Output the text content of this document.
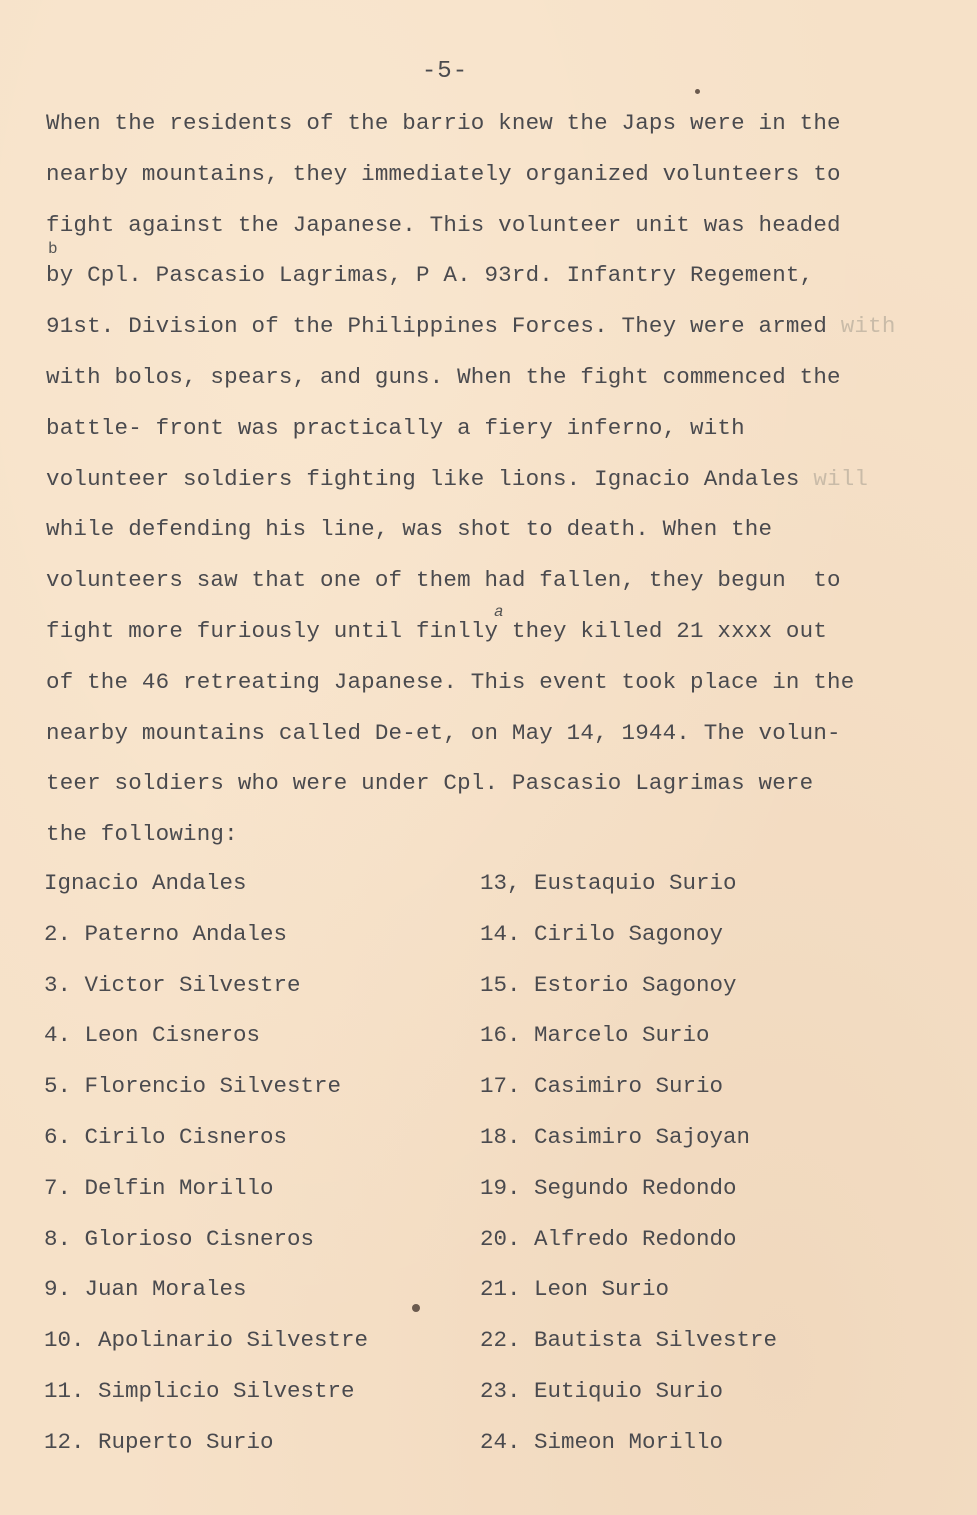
-5-
When the residents of the barrio knew the Japs were in the
nearby mountains, they immediately organized volunteers to
fight against the Japanese. This volunteer unit was headed
by Cpl. Pascasio Lagrimas, P A. 93rd. Infantry Regement,
91st. Division of the Philippines Forces. They were armed with
with bolos, spears, and guns. When the fight commenced the
battle- front was practically a fiery inferno, with
volunteer soldiers fighting like lions. Ignacio Andales will
while defending his line, was shot to death. When the
volunteers saw that one of them had fallen, they begun  to
fight more furiously until finlly they killed 21 xxxx out
of the 46 retreating Japanese. This event took place in the
nearby mountains called De-et, on May 14, 1944. The volun-
teer soldiers who were under Cpl. Pascasio Lagrimas were
the following:
b
a
Ignacio Andales	13, Eustaquio Surio
2. Paterno Andales	14. Cirilo Sagonoy
3. Victor Silvestre	15. Estorio Sagonoy
4. Leon Cisneros	16. Marcelo Surio
5. Florencio Silvestre	17. Casimiro Surio
6. Cirilo Cisneros	18. Casimiro Sajoyan
7. Delfin Morillo	19. Segundo Redondo
8. Glorioso Cisneros	20. Alfredo Redondo
9. Juan Morales	21. Leon Surio
10. Apolinario Silvestre	22. Bautista Silvestre
11. Simplicio Silvestre	23. Eutiquio Surio
12. Ruperto Surio	24. Simeon Morillo
